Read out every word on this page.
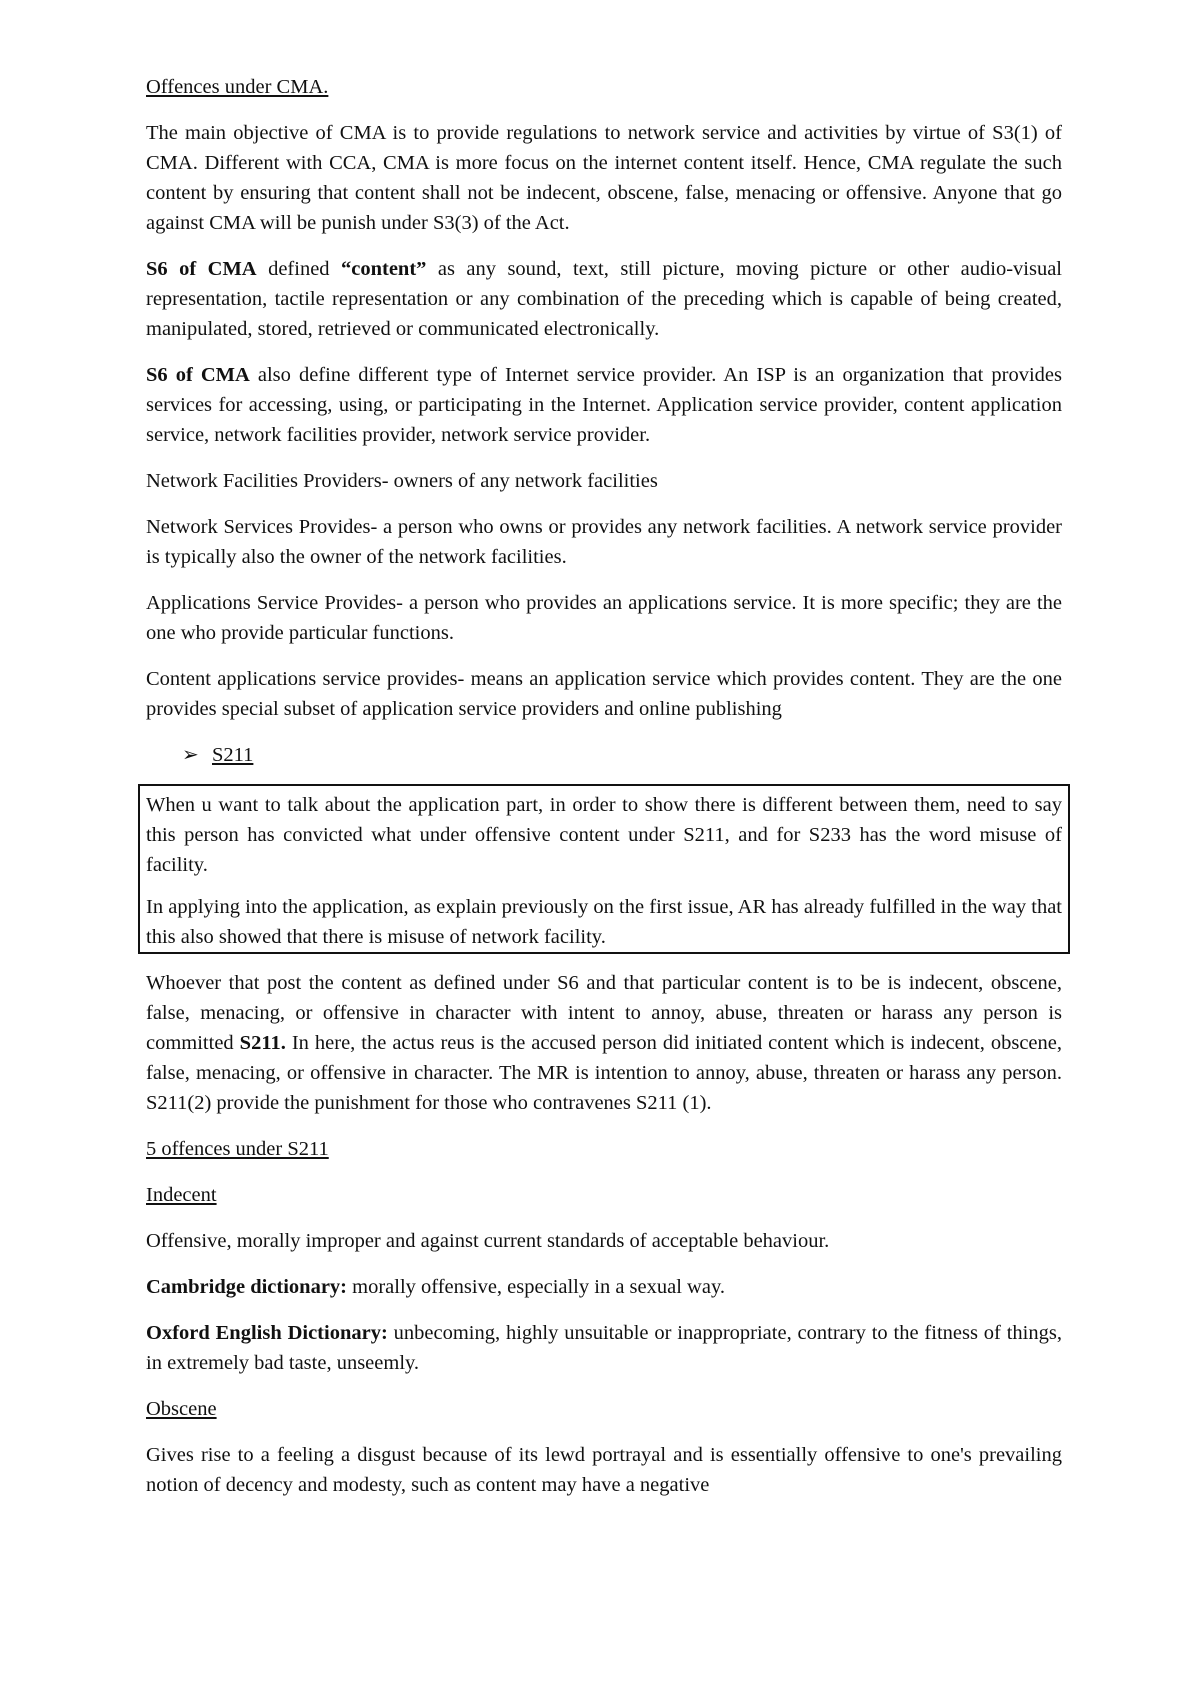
Offences under CMA.

The main objective of CMA is to provide regulations to network service and activities by virtue of S3(1) of CMA. Different with CCA, CMA is more focus on the internet content itself. Hence, CMA regulate the such content by ensuring that content shall not be indecent, obscene, false, menacing or offensive. Anyone that go against CMA will be punish under S3(3) of the Act.

S6 of CMA defined “content” as any sound, text, still picture, moving picture or other audio-visual representation, tactile representation or any combination of the preceding which is capable of being created, manipulated, stored, retrieved or communicated electronically.

S6 of CMA also define different type of Internet service provider. An ISP is an organization that provides services for accessing, using, or participating in the Internet. Application service provider, content application service, network facilities provider, network service provider.

Network Facilities Providers- owners of any network facilities

Network Services Provides- a person who owns or provides any network facilities. A network service provider is typically also the owner of the network facilities.

Applications Service Provides- a person who provides an applications service. It is more specific; they are the one who provide particular functions.

Content applications service provides- means an application service which provides content. They are the one provides special subset of application service providers and online publishing

➢ S211

When u want to talk about the application part, in order to show there is different between them, need to say this person has convicted what under offensive content under S211, and for S233 has the word misuse of facility.

In applying into the application, as explain previously on the first issue, AR has already fulfilled in the way that this also showed that there is misuse of network facility.

Whoever that post the content as defined under S6 and that particular content is to be is indecent, obscene, false, menacing, or offensive in character with intent to annoy, abuse, threaten or harass any person is committed S211. In here, the actus reus is the accused person did initiated content which is indecent, obscene, false, menacing, or offensive in character. The MR is intention to annoy, abuse, threaten or harass any person. S211(2) provide the punishment for those who contravenes S211 (1).

5 offences under S211

Indecent

Offensive, morally improper and against current standards of acceptable behaviour.

Cambridge dictionary: morally offensive, especially in a sexual way.

Oxford English Dictionary: unbecoming, highly unsuitable or inappropriate, contrary to the fitness of things, in extremely bad taste, unseemly.

Obscene

Gives rise to a feeling a disgust because of its lewd portrayal and is essentially offensive to one's prevailing notion of decency and modesty, such as content may have a negative
